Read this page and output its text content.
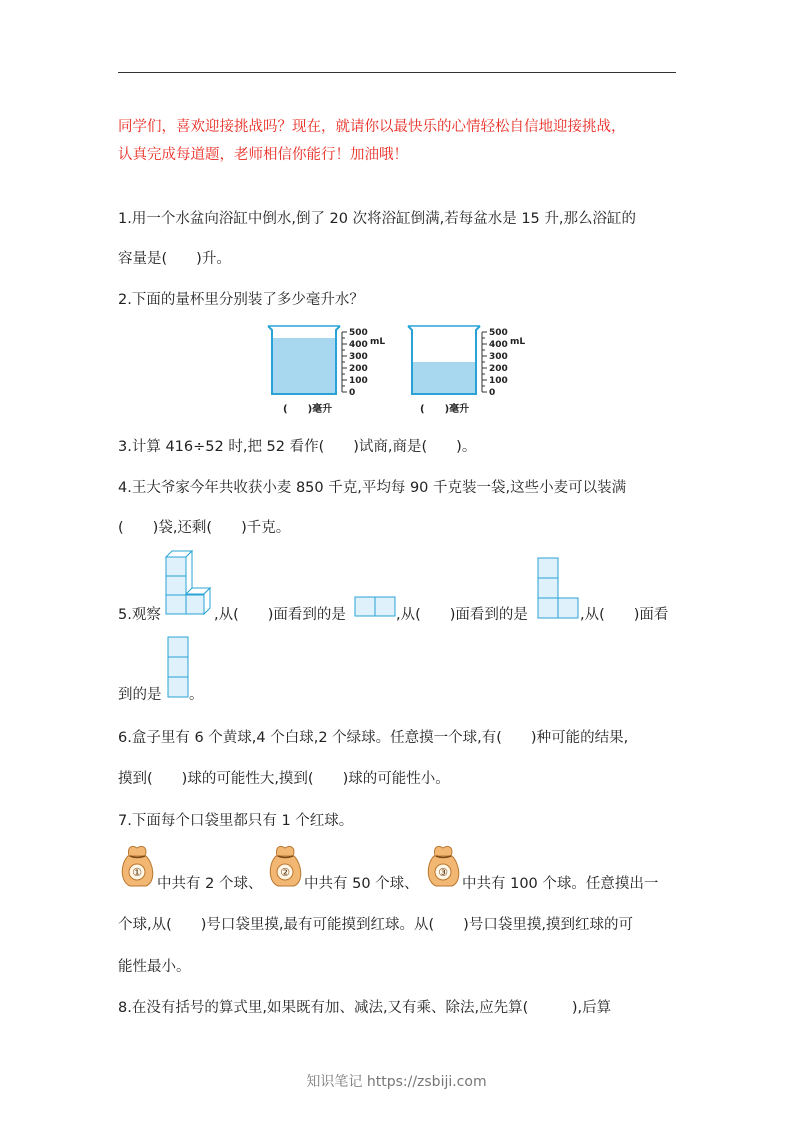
同学们，喜欢迎接挑战吗？现在，就请你以最快乐的心情轻松自信地迎接挑战，
认真完成每道题，老师相信你能行！加油哦！
1.用一个水盆向浴缸中倒水,倒了 20 次将浴缸倒满,若每盆水是 15 升,那么浴缸的
容量是(　　)升。
2.下面的量杯里分别装了多少毫升水？
500
400
300
200
100
0
mL
500
400
300
200
100
0
mL
(　　)毫升	(　　)毫升
3.计算 416÷52 时,把 52 看作(　　)试商,商是(　　)。
4.王大爷家今年共收获小麦 850 千克,平均每 90 千克装一袋,这些小麦可以装满
(　　)袋,还剩(　　)千克。
5.观察	,从(　　)面看到的是	,从(　　)面看到的是	,从(　　)面看
到的是 。
6.盒子里有 6 个黄球,4 个白球,2 个绿球。任意摸一个球,有(　　)种可能的结果,
摸到(　　)球的可能性大,摸到(　　)球的可能性小。
7.下面每个口袋里都只有 1 个红球。
①
中共有 2 个球、
②
中共有 50 个球、
③
中共有 100 个球。任意摸出一
个球,从(　　)号口袋里摸,最有可能摸到红球。从(　　)号口袋里摸,摸到红球的可
能性最小。
8.在没有括号的算式里,如果既有加、减法,又有乘、除法,应先算(　　　),后算
知识笔记 https://zsbiji.com
